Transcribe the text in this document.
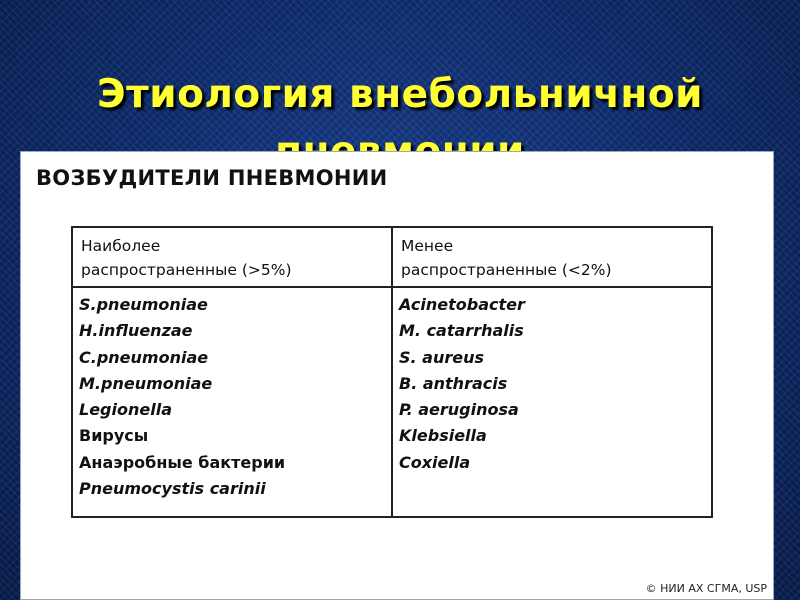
Этиология внебольничной
ВОЗБУДИТЕЛИ ПНЕВМОНИИ
Наиболее
распространенные (>5%)
Менее
распространенные (<2%)
S.pneumoniae
H.influenzae
C.pneumoniae
M.pneumoniae
Legionella
Вирусы
Анаэробные бактерии
Pneumocystis carinii
Acinetobacter
M. catarrhalis
S. aureus
B. anthracis
P. aeruginosa
Klebsiella
Coxiella
© НИИ АХ СГМА, USP
